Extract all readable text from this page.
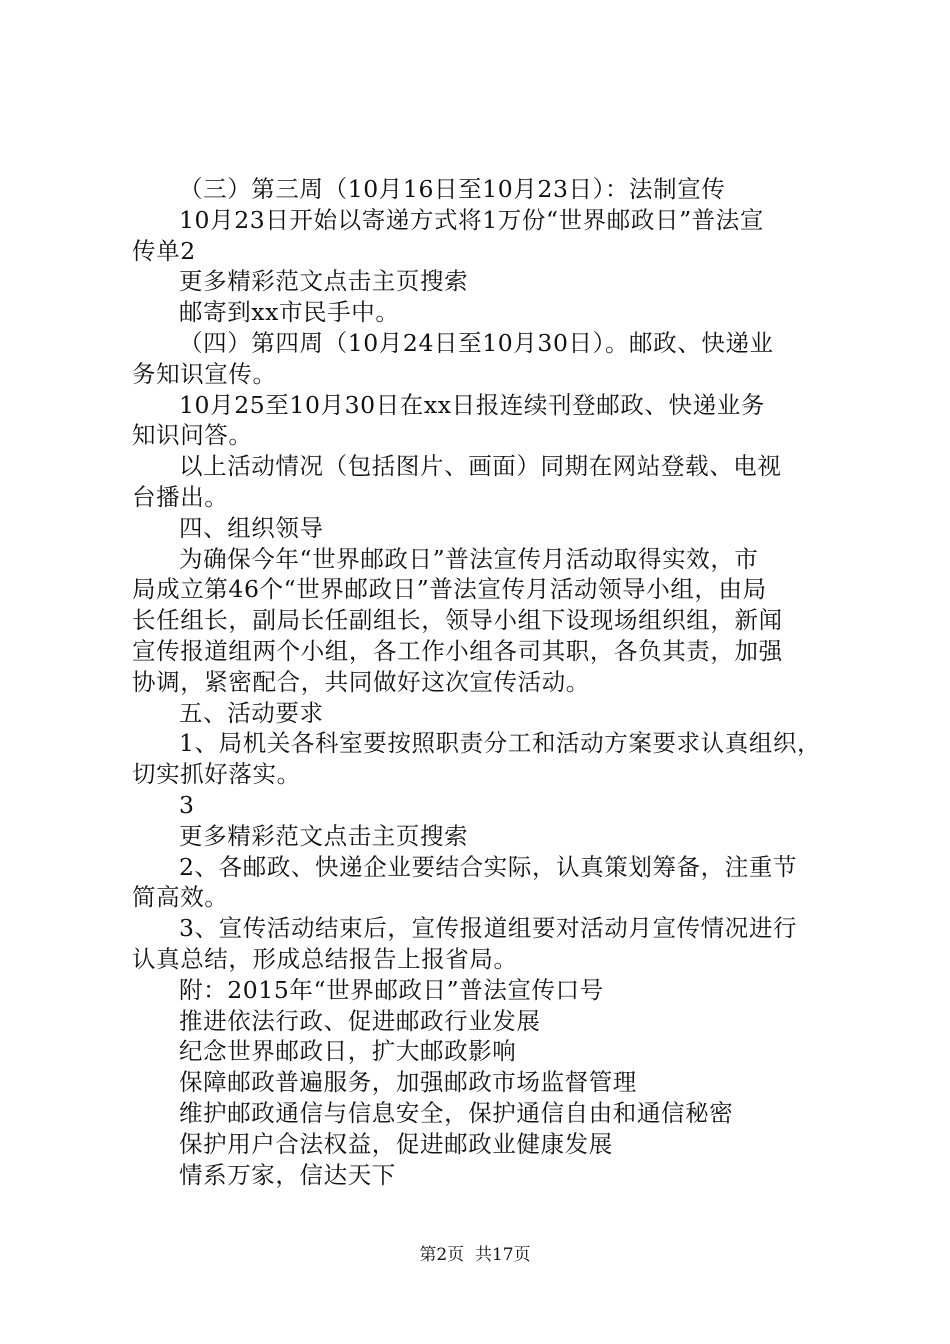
（三）第三周（10月16日至10月23日）：法制宣传
10月23日开始以寄递方式将1万份“世界邮政日”普法宣
传单2
更多精彩范文点击主页搜索
邮寄到xx市民手中。
（四）第四周（10月24日至10月30日）。邮政、快递业
务知识宣传。
10月25至10月30日在xx日报连续刊登邮政、快递业务
知识问答。
以上活动情况（包括图片、画面）同期在网站登载、电视
台播出。
四、组织领导
为确保今年“世界邮政日”普法宣传月活动取得实效，市
局成立第46个“世界邮政日”普法宣传月活动领导小组，由局
长任组长，副局长任副组长，领导小组下设现场组织组，新闻
宣传报道组两个小组，各工作小组各司其职，各负其责，加强
协调，紧密配合，共同做好这次宣传活动。
五、活动要求
1、局机关各科室要按照职责分工和活动方案要求认真组织，
切实抓好落实。
3
更多精彩范文点击主页搜索
2、各邮政、快递企业要结合实际，认真策划筹备，注重节
简高效。
3、宣传活动结束后，宣传报道组要对活动月宣传情况进行
认真总结，形成总结报告上报省局。
附：2015年“世界邮政日”普法宣传口号
推进依法行政、促进邮政行业发展
纪念世界邮政日，扩大邮政影响
保障邮政普遍服务，加强邮政市场监督管理
维护邮政通信与信息安全，保护通信自由和通信秘密
保护用户合法权益，促进邮政业健康发展
情系万家，信达天下
第2页  共17页
